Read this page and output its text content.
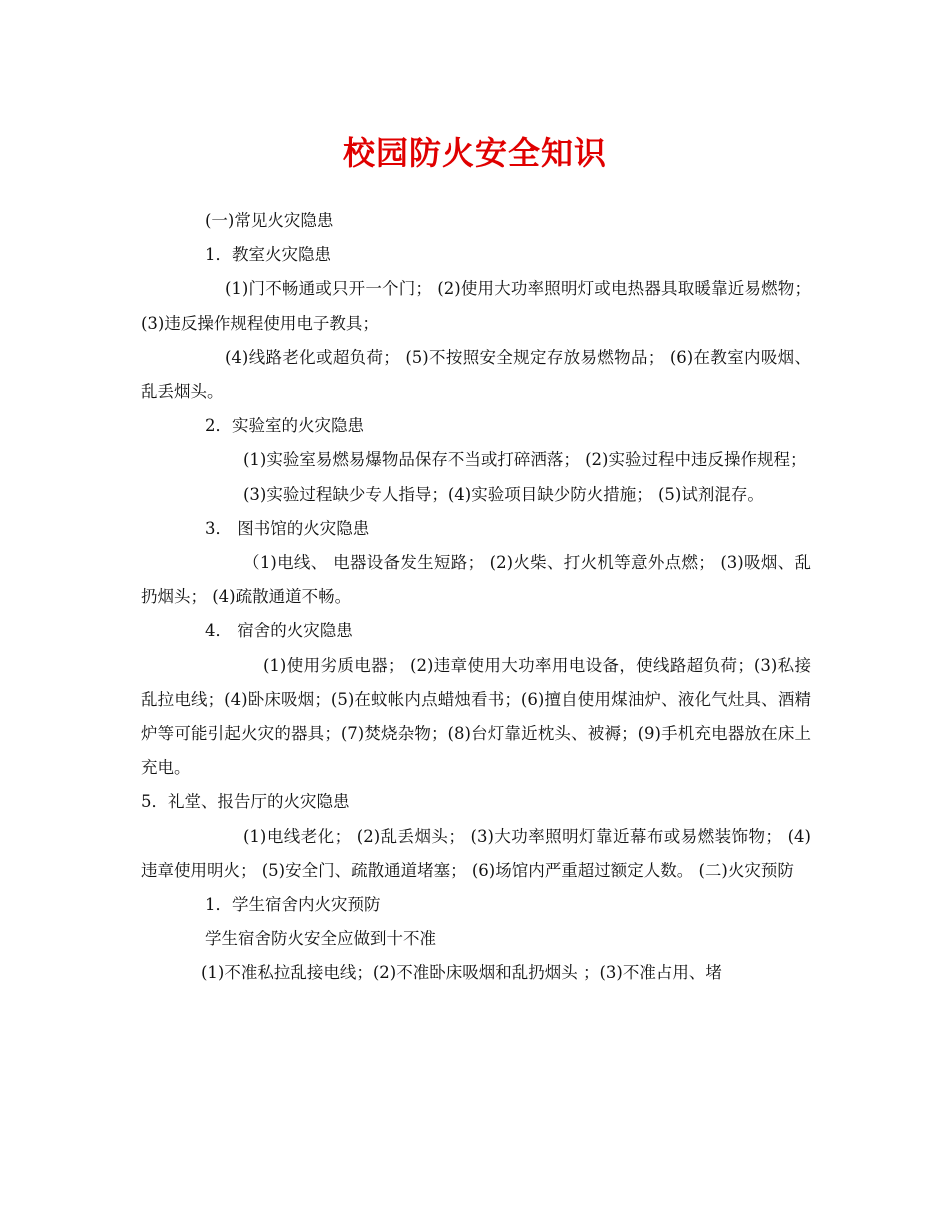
校园防火安全知识

(一)常见火灾隐患

1．教室火灾隐患

(1)门不畅通或只开一个门； (2)使用大功率照明灯或电热器具取暖靠近易燃物； (3)违反操作规程使用电子教具；

(4)线路老化或超负荷； (5)不按照安全规定存放易燃物品； (6)在教室内吸烟、乱丢烟头。

2．实验室的火灾隐患

(1)实验室易燃易爆物品保存不当或打碎洒落； (2)实验过程中违反操作规程；

(3)实验过程缺少专人指导；(4)实验项目缺少防火措施； (5)试剂混存。

3． 图书馆的火灾隐患

（1)电线、 电器设备发生短路； (2)火柴、打火机等意外点燃； (3)吸烟、乱扔烟头； (4)疏散通道不畅。

4． 宿舍的火灾隐患

(1)使用劣质电器； (2)违章使用大功率用电设备，使线路超负荷；(3)私接乱拉电线；(4)卧床吸烟；(5)在蚊帐内点蜡烛看书；(6)擅自使用煤油炉、液化气灶具、酒精炉等可能引起火灾的器具；(7)焚烧杂物；(8)台灯靠近枕头、被褥；(9)手机充电器放在床上充电。

5．礼堂、报告厅的火灾隐患

(1)电线老化； (2)乱丢烟头； (3)大功率照明灯靠近幕布或易燃装饰物； (4)违章使用明火； (5)安全门、疏散通道堵塞； (6)场馆内严重超过额定人数。 (二)火灾预防

1．学生宿舍内火灾预防

学生宿舍防火安全应做到十不准

(1)不准私拉乱接电线；(2)不准卧床吸烟和乱扔烟头 ；(3)不准占用、堵
